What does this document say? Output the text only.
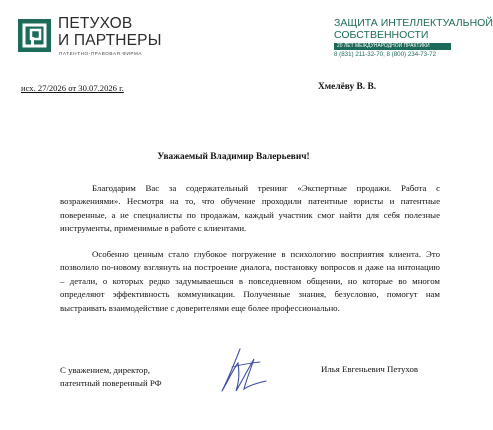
ПЕТУХОВ
И ПАРТНЕРЫ
ПАТЕНТНО-ПРАВОВАЯ ФИРМА
ЗАЩИТА ИНТЕЛЛЕКТУАЛЬНОЙ
СОБСТВЕННОСТИ
20 ЛЕТ МЕЖДУНАРОДНОЙ ПРАКТИКИ
8 (831) 211-32-70; 8 (800) 234-73-72
исх. 27/2026 от 30.07.2026 г.	Хмелёву В. В.
Уважаемый Владимир Валерьевич!
Благодарим Вас за содержательный тренинг «Экспертные продажи. Работа с возражениями». Несмотря на то, что обучение проходили патентные юристы и патентные поверенные, а не специалисты по продажам, каждый участник смог найти для себя полезные инструменты, применимые в работе с клиентами.
Особенно ценным стало глубокое погружение в психологию восприятия клиента. Это позволило по-новому взглянуть на построение диалога, постановку вопросов и даже на интонацию – детали, о которых редко задумываешься в повседневном общении, но которые во многом определяют эффективность коммуникации. Полученные знания, безусловно, помогут нам выстраивать взаимодействие с доверителями еще более профессионально.
С уважением, директор,
патентный поверенный РФ
Илья Евгеньевич Петухов
